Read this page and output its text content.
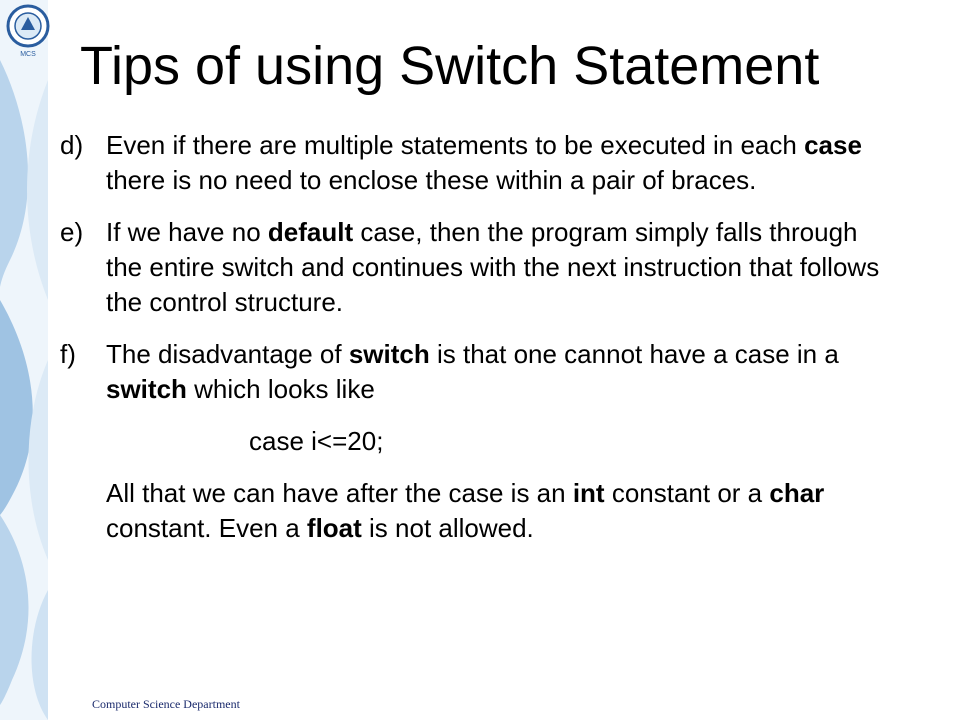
MCS Tips of using Switch Statement
d) Even if there are multiple statements to be executed in each case there is no need to enclose these within a pair of braces.
e) If we have no default case, then the program simply falls through the entire switch and continues with the next instruction that follows the control structure.
f)	The disadvantage of switch is that one cannot have a case in a switch which looks like
case i<=20;
All that we can have after the case is an int constant or a char constant. Even a float is not allowed.
Computer Science Department
